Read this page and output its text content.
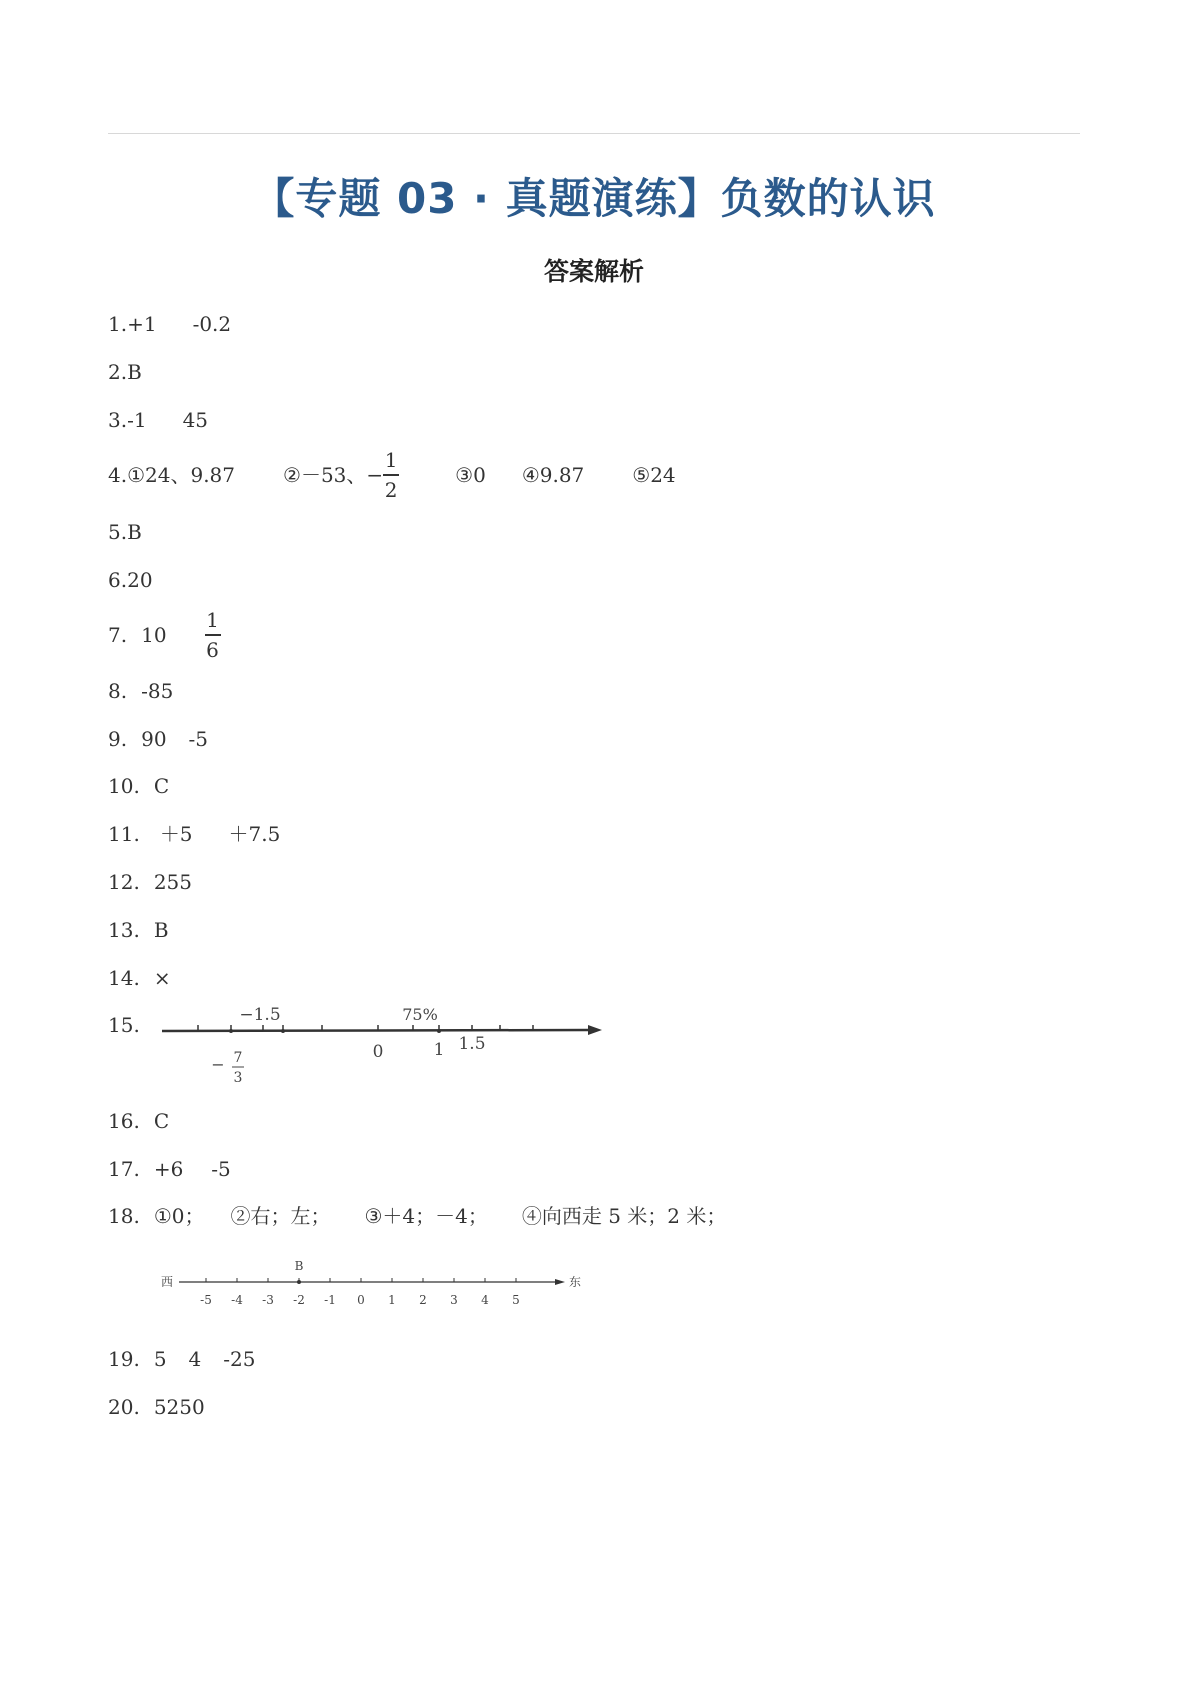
【专题 03 · 真题演练】负数的认识
答案解析
1.+1 -0.2
2.B
3.-1 45
4. ①24、9.87 ②－53、− $\frac{1}{2}$	③0 ④9.87 ⑤24
5.B
6.20
7. $10 \frac{1}{6}$
8. -85
9. 90 -5
10. C
11. ＋5 ＋7.5
12. 255
13. B
14. ×
15.	−1.5	75%
0	1 1.5
− 7
3
16. C
17. +6 -5
18. ①0； ②右；左； ③＋4；－4； ④向西走 5 米；2 米；
西	东
B
-5 -4 -3 -2 -1 0 1 2 3 4 5
19. 5 4 -25
20. 5250
